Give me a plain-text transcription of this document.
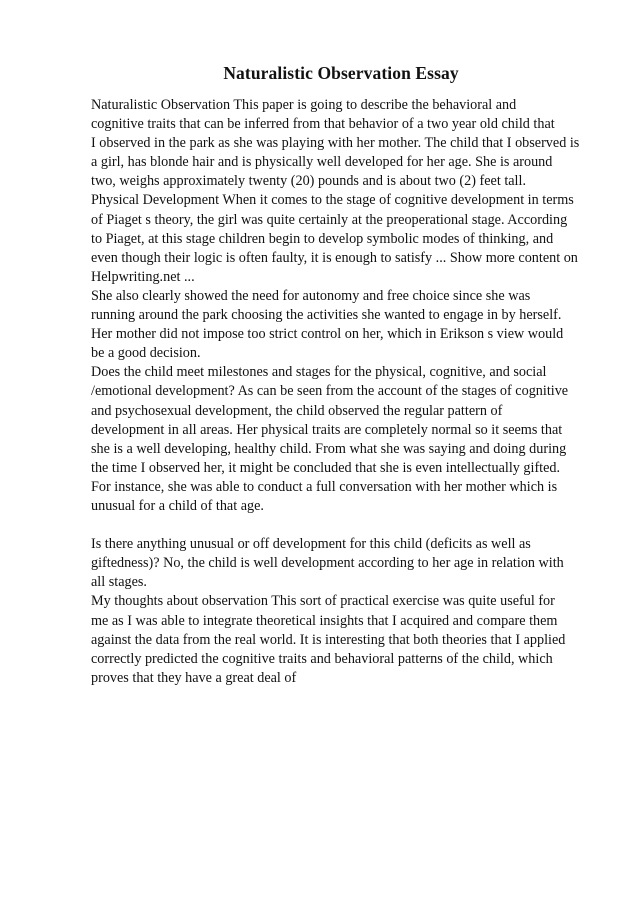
Naturalistic Observation Essay
Naturalistic Observation This paper is going to describe the behavioral and
cognitive traits that can be inferred from that behavior of a two year old child that
I observed in the park as she was playing with her mother. The child that I observed is
a girl, has blonde hair and is physically well developed for her age. She is around
two, weighs approximately twenty (20) pounds and is about two (2) feet tall.
Physical Development When it comes to the stage of cognitive development in terms
of Piaget s theory, the girl was quite certainly at the preoperational stage. According
to Piaget, at this stage children begin to develop symbolic modes of thinking, and
even though their logic is often faulty, it is enough to satisfy ... Show more content on
Helpwriting.net ...
She also clearly showed the need for autonomy and free choice since she was
running around the park choosing the activities she wanted to engage in by herself.
Her mother did not impose too strict control on her, which in Erikson s view would
be a good decision.
Does the child meet milestones and stages for the physical, cognitive, and social
/emotional development? As can be seen from the account of the stages of cognitive
and psychosexual development, the child observed the regular pattern of
development in all areas. Her physical traits are completely normal so it seems that
she is a well developing, healthy child. From what she was saying and doing during
the time I observed her, it might be concluded that she is even intellectually gifted.
For instance, she was able to conduct a full conversation with her mother which is
unusual for a child of that age.
Is there anything unusual or off development for this child (deficits as well as
giftedness)? No, the child is well development according to her age in relation with
all stages.
My thoughts about observation This sort of practical exercise was quite useful for
me as I was able to integrate theoretical insights that I acquired and compare them
against the data from the real world. It is interesting that both theories that I applied
correctly predicted the cognitive traits and behavioral patterns of the child, which
proves that they have a great deal of
